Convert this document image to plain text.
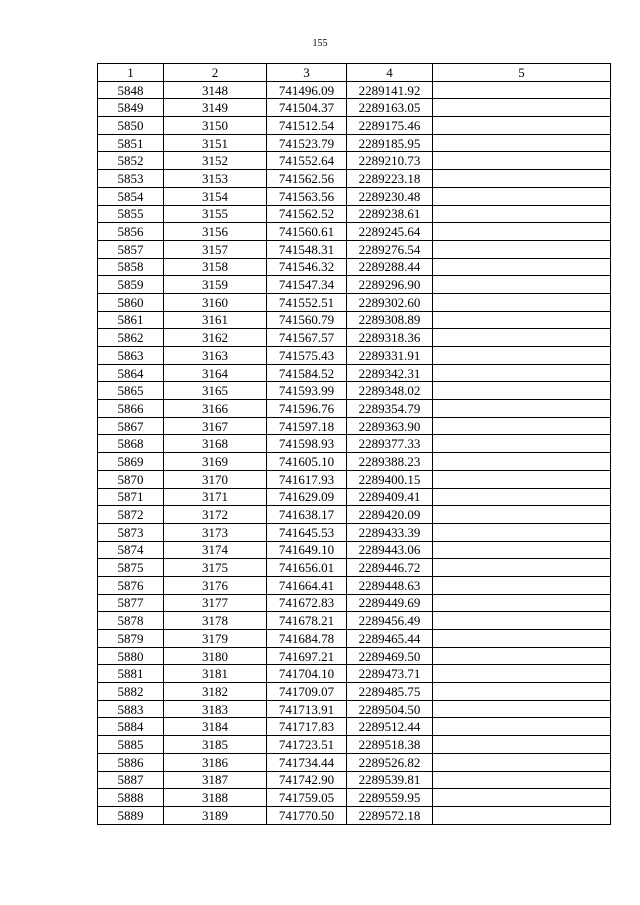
155
1	2	3	4	5
5848	3148	741496.09	2289141.92	
5849	3149	741504.37	2289163.05	
5850	3150	741512.54	2289175.46	
5851	3151	741523.79	2289185.95	
5852	3152	741552.64	2289210.73	
5853	3153	741562.56	2289223.18	
5854	3154	741563.56	2289230.48	
5855	3155	741562.52	2289238.61	
5856	3156	741560.61	2289245.64	
5857	3157	741548.31	2289276.54	
5858	3158	741546.32	2289288.44	
5859	3159	741547.34	2289296.90	
5860	3160	741552.51	2289302.60	
5861	3161	741560.79	2289308.89	
5862	3162	741567.57	2289318.36	
5863	3163	741575.43	2289331.91	
5864	3164	741584.52	2289342.31	
5865	3165	741593.99	2289348.02	
5866	3166	741596.76	2289354.79	
5867	3167	741597.18	2289363.90	
5868	3168	741598.93	2289377.33	
5869	3169	741605.10	2289388.23	
5870	3170	741617.93	2289400.15	
5871	3171	741629.09	2289409.41	
5872	3172	741638.17	2289420.09	
5873	3173	741645.53	2289433.39	
5874	3174	741649.10	2289443.06	
5875	3175	741656.01	2289446.72	
5876	3176	741664.41	2289448.63	
5877	3177	741672.83	2289449.69	
5878	3178	741678.21	2289456.49	
5879	3179	741684.78	2289465.44	
5880	3180	741697.21	2289469.50	
5881	3181	741704.10	2289473.71	
5882	3182	741709.07	2289485.75	
5883	3183	741713.91	2289504.50	
5884	3184	741717.83	2289512.44	
5885	3185	741723.51	2289518.38	
5886	3186	741734.44	2289526.82	
5887	3187	741742.90	2289539.81	
5888	3188	741759.05	2289559.95	
5889	3189	741770.50	2289572.18	
